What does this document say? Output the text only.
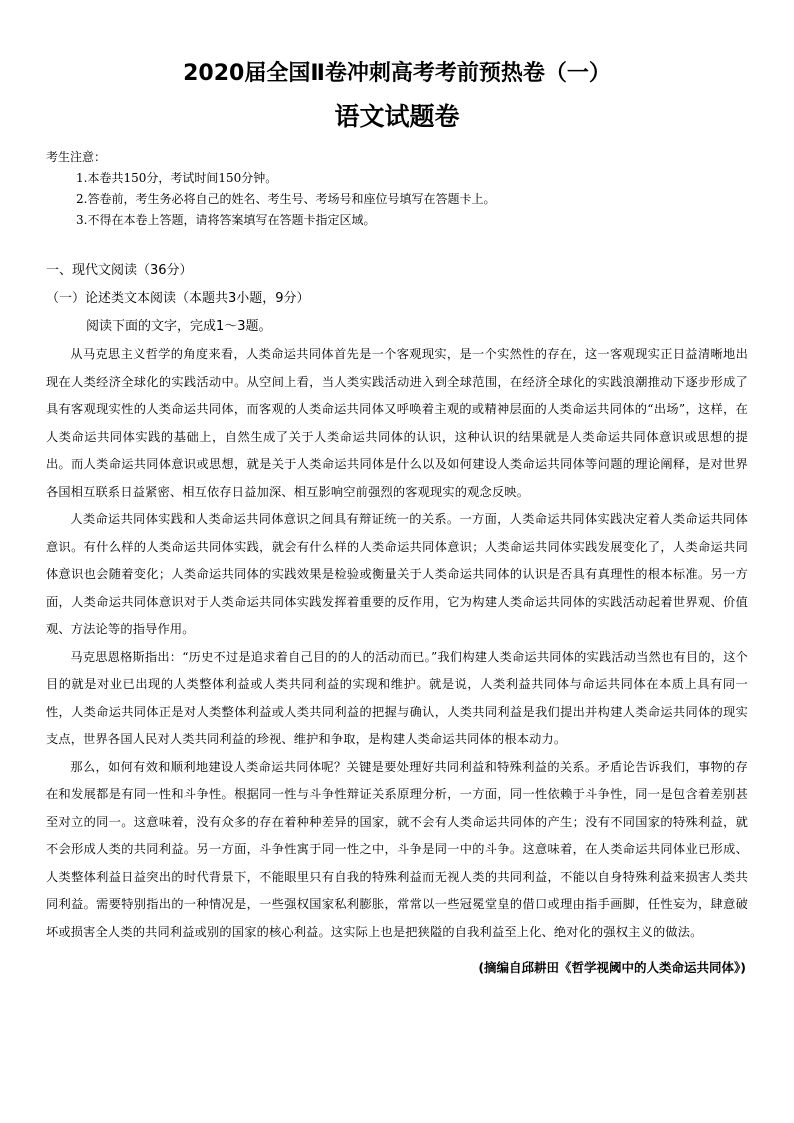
2020届全国Ⅱ卷冲刺高考考前预热卷（一）
语文试题卷

考生注意：

1.本卷共150分，考试时间150分钟。
2.答卷前，考生务必将自己的姓名、考生号、考场号和座位号填写在答题卡上。
3.不得在本卷上答题，请将答案填写在答题卡指定区域。

一、现代文阅读（36分）

（一）论述类文本阅读（本题共3小题，9分）

阅读下面的文字，完成1～3题。

从马克思主义哲学的角度来看，人类命运共同体首先是一个客观现实，是一个实然性的存在，这一客观现实正日益清晰地出现在人类经济全球化的实践活动中。从空间上看，当人类实践活动进入到全球范围，在经济全球化的实践浪潮推动下逐步形成了具有客观现实性的人类命运共同体，而客观的人类命运共同体又呼唤着主观的或精神层面的人类命运共同体的“出场”，这样，在人类命运共同体实践的基础上，自然生成了关于人类命运共同体的认识，这种认识的结果就是人类命运共同体意识或思想的提出。而人类命运共同体意识或思想，就是关于人类命运共同体是什么以及如何建设人类命运共同体等问题的理论阐释，是对世界各国相互联系日益紧密、相互依存日益加深、相互影响空前强烈的客观现实的观念反映。

人类命运共同体实践和人类命运共同体意识之间具有辩证统一的关系。一方面，人类命运共同体实践决定着人类命运共同体意识。有什么样的人类命运共同体实践，就会有什么样的人类命运共同体意识；人类命运共同体实践发展变化了，人类命运共同体意识也会随着变化；人类命运共同体的实践效果是检验或衡量关于人类命运共同体的认识是否具有真理性的根本标准。另一方面，人类命运共同体意识对于人类命运共同体实践发挥着重要的反作用，它为构建人类命运共同体的实践活动起着世界观、价值观、方法论等的指导作用。

马克思恩格斯指出：“历史不过是追求着自己目的的人的活动而已。”我们构建人类命运共同体的实践活动当然也有目的，这个目的就是对业已出现的人类整体利益或人类共同利益的实现和维护。就是说，人类利益共同体与命运共同体在本质上具有同一性，人类命运共同体正是对人类整体利益或人类共同利益的把握与确认，人类共同利益是我们提出并构建人类命运共同体的现实支点，世界各国人民对人类共同利益的珍视、维护和争取，是构建人类命运共同体的根本动力。

那么，如何有效和顺利地建设人类命运共同体呢？关键是要处理好共同利益和特殊利益的关系。矛盾论告诉我们，事物的存在和发展都是有同一性和斗争性。根据同一性与斗争性辩证关系原理分析，一方面，同一性依赖于斗争性，同一是包含着差别甚至对立的同一。这意味着，没有众多的存在着种种差异的国家，就不会有人类命运共同体的产生；没有不同国家的特殊利益，就不会形成人类的共同利益。另一方面，斗争性寓于同一性之中，斗争是同一中的斗争。这意味着，在人类命运共同体业已形成、人类整体利益日益突出的时代背景下，不能眼里只有自我的特殊利益而无视人类的共同利益，不能以自身特殊利益来损害人类共同利益。需要特别指出的一种情况是，一些强权国家私利膨胀，常常以一些冠冕堂皇的借口或理由指手画脚，任性妄为，肆意破坏或损害全人类的共同利益或别的国家的核心利益。这实际上也是把狭隘的自我利益至上化、绝对化的强权主义的做法。

(摘编自邱耕田《哲学视阈中的人类命运共同体》)
